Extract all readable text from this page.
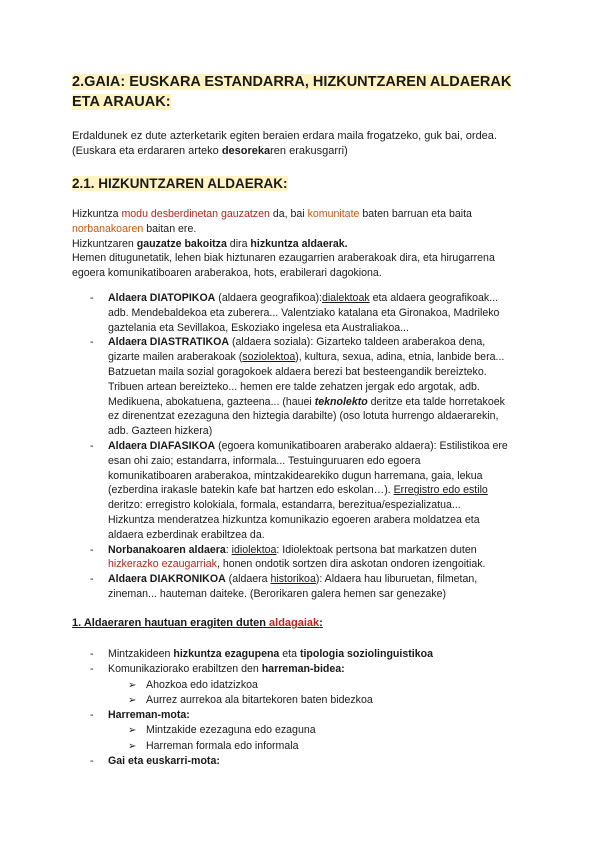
2.GAIA: EUSKARA ESTANDARRA, HIZKUNTZAREN ALDAERAK ETA ARAUAK:

Erdaldunek ez dute azterketarik egiten beraien erdara maila frogatzeko, guk bai, ordea.

(Euskara eta erdararen arteko desorekaren erakusgarri)

2.1. HIZKUNTZAREN ALDAERAK:
Hizkuntza modu desberdinetan gauzatzen da, bai komunitate baten barruan eta baita
norbanakoaren baitan ere.
Hizkuntzaren gauzatze bakoitza dira hizkuntza aldaerak.
Hemen ditugunetatik, lehen biak hiztunaren ezaugarrien araberakoak dira, eta hirugarrena
egoera komunikatiboaren araberakoa, hots, erabilerari dagokiona.
- Aldaera DIATOPIKOA (aldaera geografikoa):dialektoak eta aldaera geografikoak...
adb. Mendebaldekoa eta zuberera... Valentziako katalana eta Gironakoa, Madrileko
gaztelania eta Sevillakoa, Eskoziako ingelesa eta Australiakoa...
- Aldaera DIASTRATIKOA (aldaera soziala): Gizarteko taldeen araberakoa dena,
gizarte mailen araberakoak (soziolektoa), kultura, sexua, adina, etnia, lanbide bera...
Batzuetan maila sozial goragokoek aldaera berezi bat besteengandik bereizteko.
Tribuen artean bereizteko... hemen ere talde zehatzen jergak edo argotak, adb.
Medikuena, abokatuena, gazteena... (hauei teknolekto deritze eta talde horretakoek
ez direnentzat ezezaguna den hiztegia darabilte) (oso lotuta hurrengo aldaerarekin,
adb. Gazteen hizkera)
- Aldaera DIAFASIKOA (egoera komunikatiboaren araberako aldaera): Estilistikoa ere
esan ohi zaio; estandarra, informala... Testuinguruaren edo egoera
komunikatiboaren araberakoa, mintzakidearekiko dugun harremana, gaia, lekua
(ezberdina irakasle batekin kafe bat hartzen edo eskolan…). Erregistro edo estilo
deritzo: erregistro kolokiala, formala, estandarra, berezitua/espezializatua...
Hizkuntza menderatzea hizkuntza komunikazio egoeren arabera moldatzea eta
aldaera ezberdinak erabiltzea da.
- Norbanakoaren aldaera: idiolektoa: Idiolektoak pertsona bat markatzen duten
hizkerazko ezaugarriak, honen ondotik sortzen dira askotan ondoren izengoitiak.
- Aldaera DIAKRONIKOA (aldaera historikoa): Aldaera hau liburuetan, filmetan,
zineman... hauteman daiteke. (Berorikaren galera hemen sar genezake)
1. Aldaeraren hautuan eragiten duten aldagaiak:
- Mintzakideen hizkuntza ezagupena eta tipologia soziolinguistikoa
- Komunikaziorako erabiltzen den harreman-bidea:
➢ Ahozkoa edo idatzizkoa
➢ Aurrez aurrekoa ala bitartekoren baten bidezkoa
- Harreman-mota:
➢ Mintzakide ezezaguna edo ezaguna
➢ Harreman formala edo informala
- Gai eta euskarri-mota:
